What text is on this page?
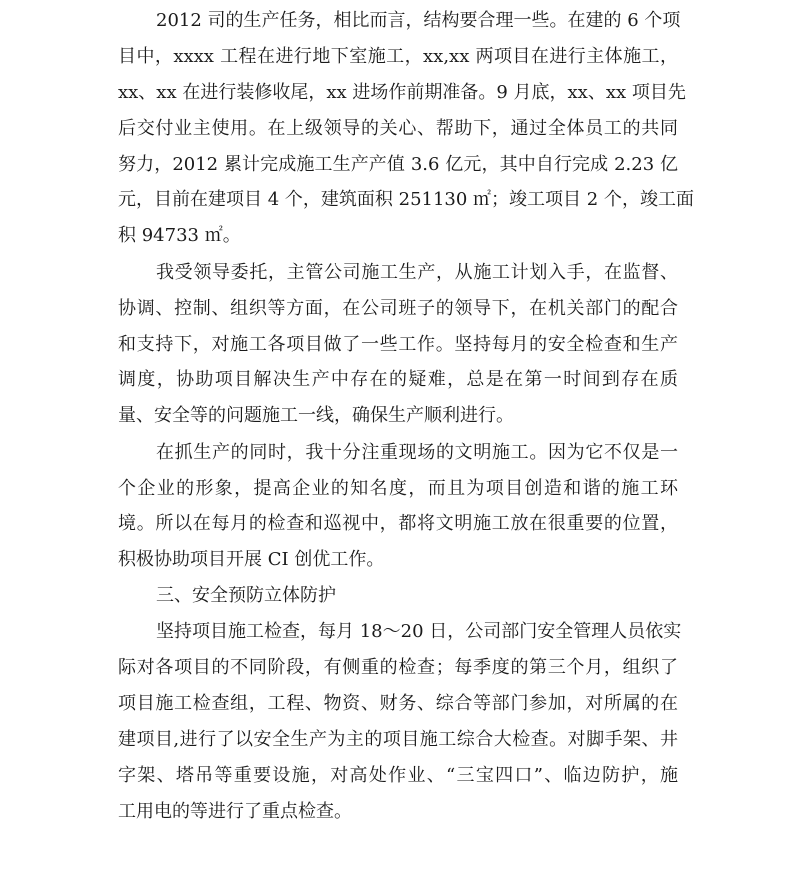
2012 司的生产任务，相比而言，结构要合理一些。在建的 6 个项
目中，xxxx 工程在进行地下室施工，xx,xx 两项目在进行主体施工，
xx、xx 在进行装修收尾，xx 进场作前期准备。9 月底，xx、xx 项目先
后交付业主使用。在上级领导的关心、帮助下，通过全体员工的共同
努力，2012 累计完成施工生产产值 3.6 亿元，其中自行完成 2.23 亿
元，目前在建项目 4 个，建筑面积 251130 ㎡；竣工项目 2 个，竣工面
积 94733 ㎡。
我受领导委托，主管公司施工生产，从施工计划入手，在监督、
协调、控制、组织等方面，在公司班子的领导下，在机关部门的配合
和支持下，对施工各项目做了一些工作。坚持每月的安全检查和生产
调度，协助项目解决生产中存在的疑难，总是在第一时间到存在质
量、安全等的问题施工一线，确保生产顺利进行。
在抓生产的同时，我十分注重现场的文明施工。因为它不仅是一
个企业的形象，提高企业的知名度，而且为项目创造和谐的施工环
境。所以在每月的检查和巡视中，都将文明施工放在很重要的位置，
积极协助项目开展 CI 创优工作。
三、安全预防立体防护
坚持项目施工检查，每月 18～20 日，公司部门安全管理人员依实
际对各项目的不同阶段，有侧重的检查；每季度的第三个月，组织了
项目施工检查组，工程、物资、财务、综合等部门参加，对所属的在
建项目,进行了以安全生产为主的项目施工综合大检查。对脚手架、井
字架、塔吊等重要设施，对高处作业、“三宝四口”、临边防护，施
工用电的等进行了重点检查。
